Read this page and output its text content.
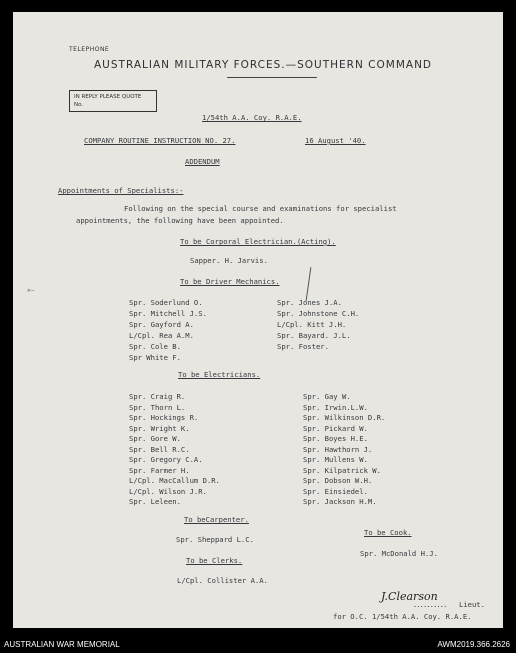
TELEPHONE
AUSTRALIAN MILITARY FORCES.—SOUTHERN COMMAND
IN REPLY PLEASE QUOTE
No.
1/54th A.A. Coy. R.A.E.
COMPANY ROUTINE INSTRUCTION NO. 27.	16 August '40.
ADDENDUM
Appointments of Specialists:-
Following on the special course and examinations for specialist
appointments, the following have been appointed.
To be Corporal Electrician.(Acting).
Sapper. H. Jarvis.
To be Driver Mechanics.
✕–
Spr. Soderlund O.
Spr. Mitchell J.S.
Spr. Gayford A.
L/Cpl. Rea A.M.
Spr. Cole B.
Spr White F.
Spr. Jones J.A.
Spr. Johnstone C.H.
L/Cpl. Kitt J.H.
Spr. Bayard. J.L.
Spr. Foster.
To be Electricians.
Spr. Craig R.
Spr. Thorn L.
Spr. Hockings R.
Spr. Wright K.
Spr. Gore W.
Spr. Bell R.C.
Spr. Gregory C.A.
Spr. Farmer H.
L/Cpl. MacCallum D.R.
L/Cpl. Wilson J.R.
Spr. Leleen.
Spr. Gay W.
Spr. Irwin.L.W.
Spr. Wilkinson D.R.
Spr. Pickard W.
Spr. Boyes H.E.
Spr. Hawthorn J.
Spr. Mullens W.
Spr. Kilpatrick W.
Spr. Dobson W.H.
Spr. Einsiedel.
Spr. Jackson H.M.
To beCarpenter.
Spr. Sheppard L.C.
To be Cook.
Spr. McDonald H.J.
To be Clerks.
L/Cpl. Collister A.A.
J.Clearson
.......... Lieut.
for O.C. 1/54th A.A. Coy. R.A.E.
AUSTRALIAN WAR MEMORIAL	AWM2019.366.2626
